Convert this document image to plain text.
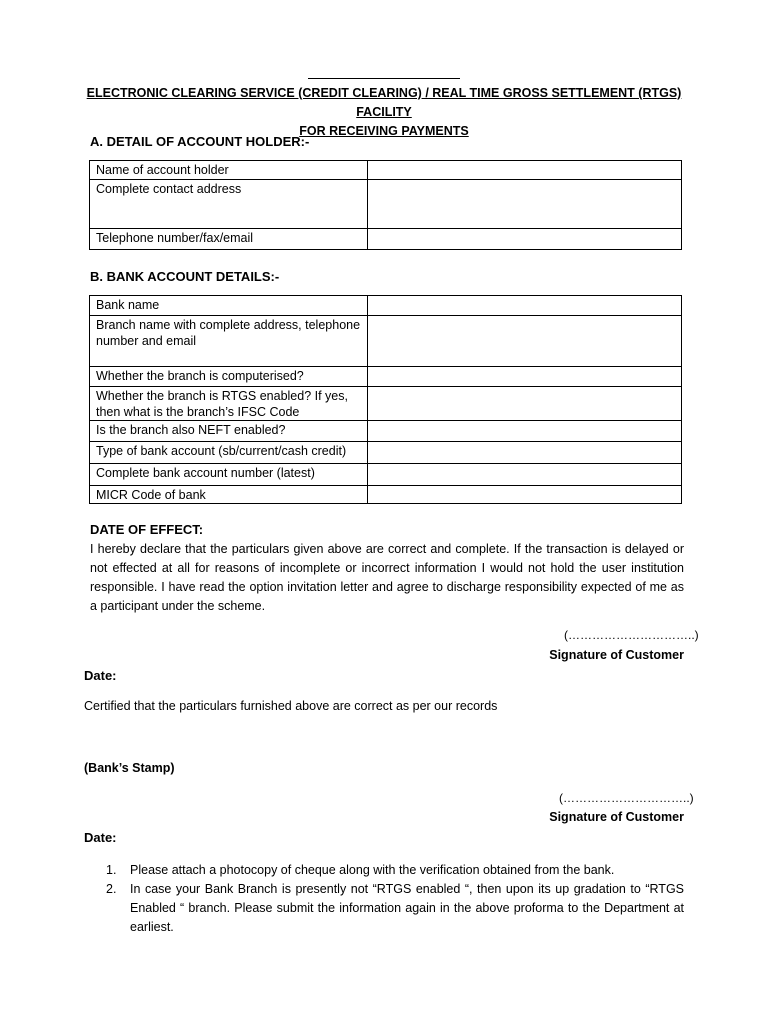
ELECTRONIC CLEARING SERVICE (CREDIT CLEARING) / REAL TIME GROSS SETTLEMENT (RTGS) FACILITY
FOR RECEIVING PAYMENTS
A. DETAIL OF ACCOUNT HOLDER:-
Name of account holder	
Complete contact address	
Telephone number/fax/email	
B. BANK ACCOUNT DETAILS:-
Bank name	
Branch name with complete address, telephone number and email	
Whether the branch is computerised?	
Whether the branch is RTGS enabled? If yes, then what is the branch’s IFSC Code	
Is the branch also NEFT enabled?	
Type of bank account (sb/current/cash credit)	
Complete bank account number (latest)	
MICR Code of bank	
DATE OF EFFECT:
I hereby declare that the particulars given above are correct and complete. If the transaction is delayed or not effected at all for reasons of incomplete or incorrect information I would not hold the user institution responsible. I have read the option invitation letter and agree to discharge responsibility expected of me as a participant under the scheme.
(…………………………..)
Signature of Customer
Date:
Certified that the particulars furnished above are correct as per our records
(Bank’s Stamp)
(…………………………..)
Signature of Customer
Date:
1. Please attach a photocopy of cheque along with the verification obtained from the bank.
2. In case your Bank Branch is presently not “RTGS enabled “, then upon its up gradation to “RTGS Enabled “ branch. Please submit the information again in the above proforma to the Department at earliest.
